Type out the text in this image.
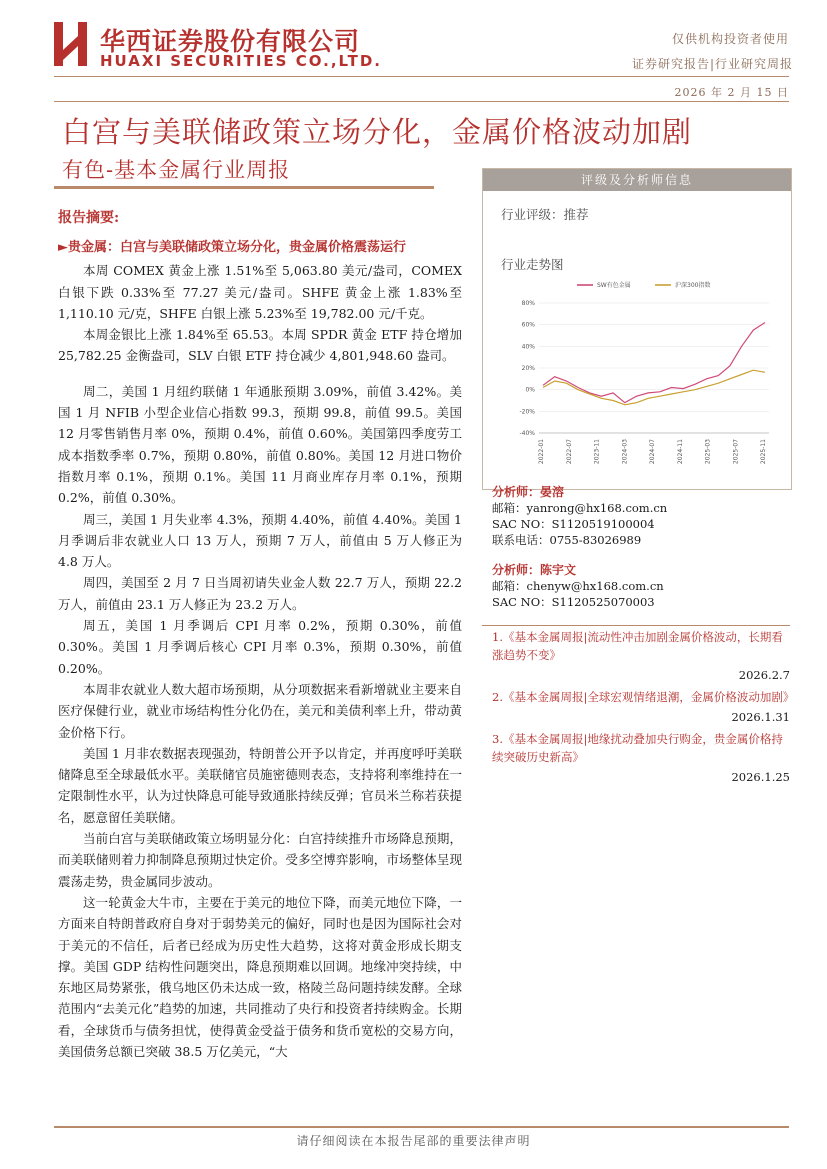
华西证券股份有限公司
HUAXI SECURITIES CO.,LTD.
仅供机构投资者使用
证券研究报告|行业研究周报
2026 年 2 月 15 日
白宫与美联储政策立场分化，金属价格波动加剧
有色-基本金属行业周报
报告摘要:
►贵金属：白宫与美联储政策立场分化，贵金属价格震荡运行

本周 COMEX 黄金上涨 1.51%至 5,063.80 美元/盎司，COMEX 白银下跌 0.33%至 77.27 美元/盎司。SHFE 黄金上涨 1.83%至 1,110.10 元/克，SHFE 白银上涨 5.23%至 19,782.00 元/千克。

本周金银比上涨 1.84%至 65.53。本周 SPDR 黄金 ETF 持仓增加 25,782.25 金衡盎司，SLV 白银 ETF 持仓减少 4,801,948.60 盎司。

周二，美国 1 月纽约联储 1 年通胀预期 3.09%，前值 3.42%。美国 1 月 NFIB 小型企业信心指数 99.3，预期 99.8，前值 99.5。美国 12 月零售销售月率 0%，预期 0.4%，前值 0.60%。美国第四季度劳工成本指数季率 0.7%，预期 0.80%，前值 0.80%。美国 12 月进口物价指数月率 0.1%，预期 0.1%。美国 11 月商业库存月率 0.1%，预期 0.2%，前值 0.30%。

周三，美国 1 月失业率 4.3%，预期 4.40%，前值 4.40%。美国 1 月季调后非农就业人口 13 万人，预期 7 万人，前值由 5 万人修正为 4.8 万人。

周四，美国至 2 月 7 日当周初请失业金人数 22.7 万人，预期 22.2 万人，前值由 23.1 万人修正为 23.2 万人。

周五，美国 1 月季调后 CPI 月率 0.2%，预期 0.30%，前值 0.30%。美国 1 月季调后核心 CPI 月率 0.3%，预期 0.30%，前值 0.20%。

本周非农就业人数大超市场预期，从分项数据来看新增就业主要来自医疗保健行业，就业市场结构性分化仍在，美元和美债利率上升，带动黄金价格下行。

美国 1 月非农数据表现强劲，特朗普公开予以肯定，并再度呼吁美联储降息至全球最低水平。美联储官员施密德则表态，支持将利率维持在一定限制性水平，认为过快降息可能导致通胀持续反弹；官员米兰称若获提名，愿意留任美联储。

当前白宫与美联储政策立场明显分化：白宫持续推升市场降息预期，而美联储则着力抑制降息预期过快定价。受多空博弈影响，市场整体呈现震荡走势，贵金属同步波动。

这一轮黄金大牛市，主要在于美元的地位下降，而美元地位下降，一方面来自特朗普政府自身对于弱势美元的偏好，同时也是因为国际社会对于美元的不信任，后者已经成为历史性大趋势，这将对黄金形成长期支撑。美国 GDP 结构性问题突出，降息预期难以回调。地缘冲突持续，中东地区局势紧张，俄乌地区仍未达成一致，格陵兰岛问题持续发酵。全球范围内“去美元化”趋势的加速，共同推动了央行和投资者持续购金。长期看，全球货币与债务担忧，使得黄金受益于债务和货币宽松的交易方向，美国债务总额已突破 38.5 万亿美元，“大

评级及分析师信息
行业评级：推荐
行业走势图
SW有色金属	沪深300指数
80%
60%
40%
20%
0%
-20%
-40%
2022-01	2022-07	2023-11	2024-03	2024-07	2024-11	2025-03	2025-07	2025-11
分析师：晏溶
邮箱：yanrong@hx168.com.cn
SAC NO：S1120519100004
联系电话：0755-83026989
分析师：陈宇文
邮箱：chenyw@hx168.com.cn
SAC NO：S1120525070003
1.《基本金属周报|流动性冲击加剧金属价格波动，长期看涨趋势不变》
2026.2.7
2.《基本金属周报|全球宏观情绪退潮，金属价格波动加剧》
2026.1.31
3.《基本金属周报|地缘扰动叠加央行购金，贵金属价格持续突破历史新高》
2026.1.25
请仔细阅读在本报告尾部的重要法律声明
